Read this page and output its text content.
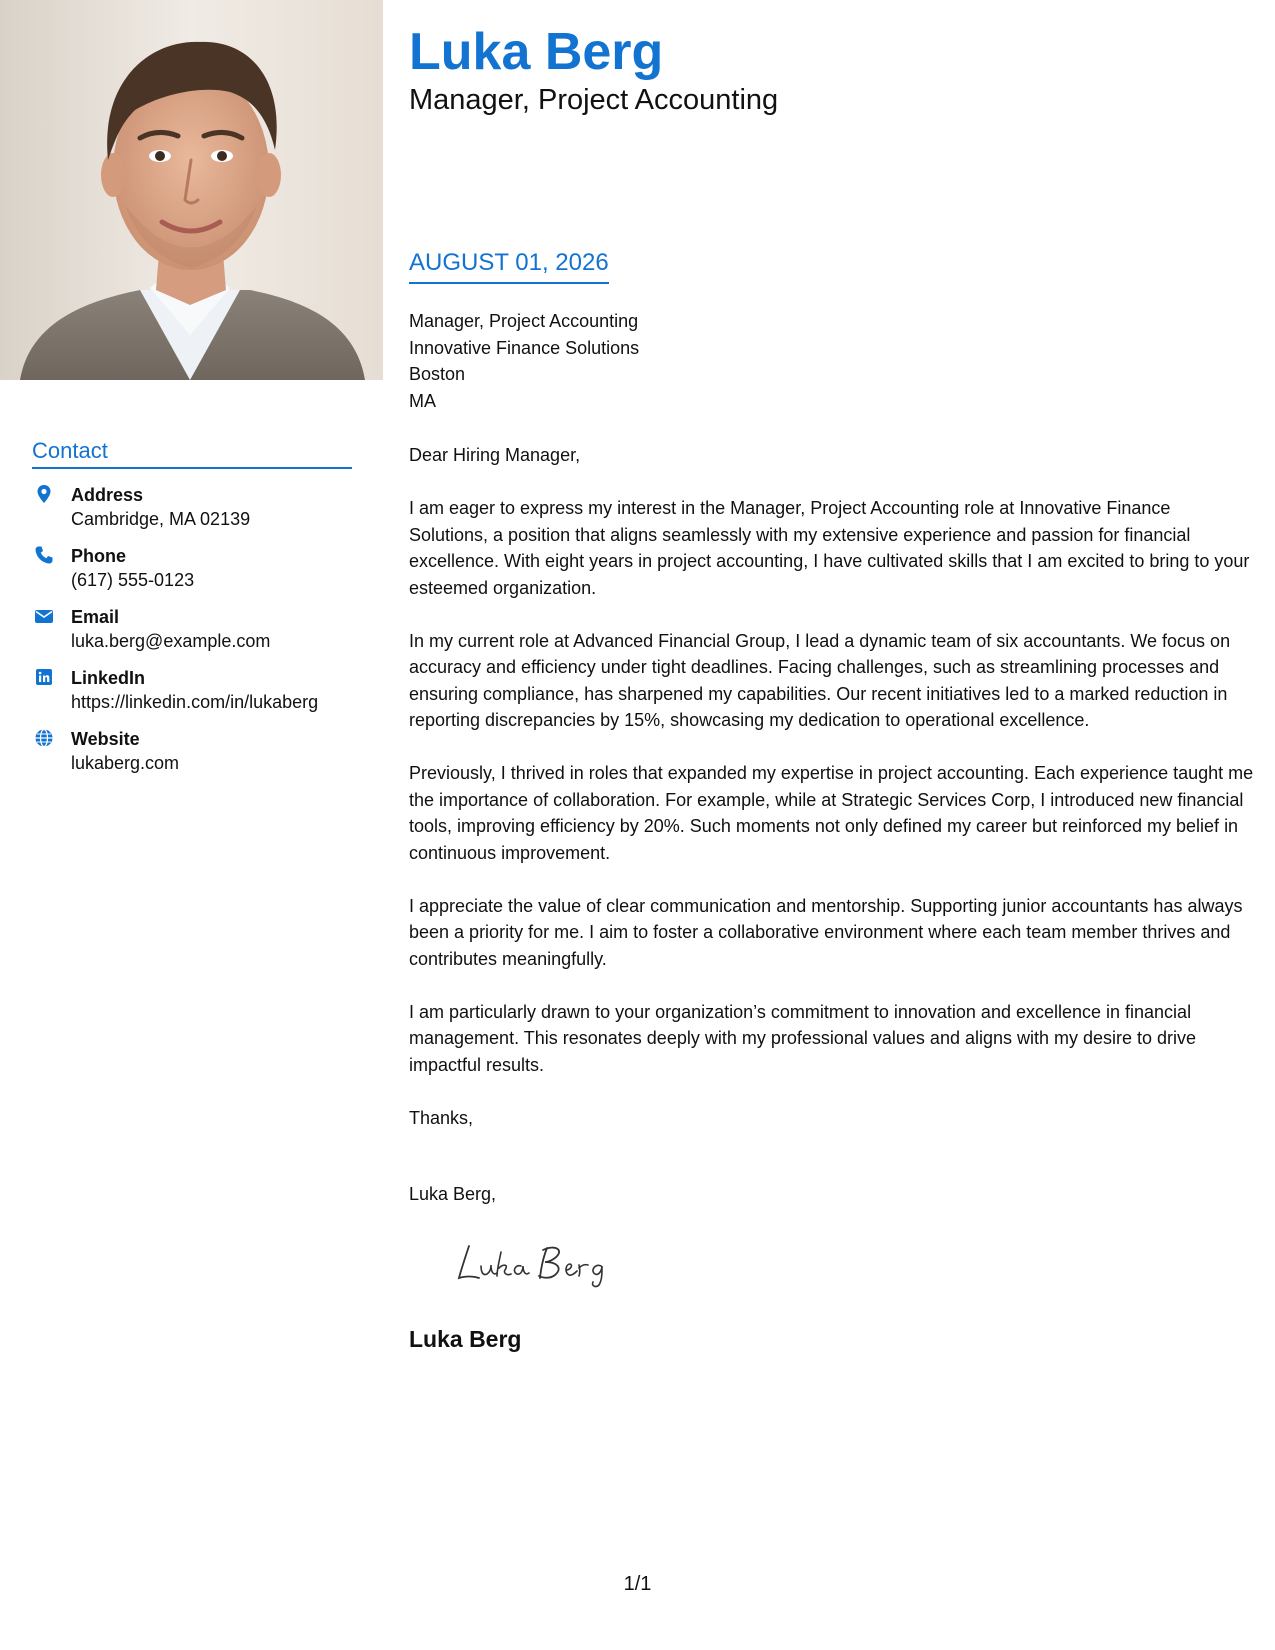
Contact
Address
Cambridge, MA 02139
Phone
(617) 555-0123
Email
luka.berg@example.com
LinkedIn
https://linkedin.com/in/lukaberg
Website
lukaberg.com
Luka Berg
Manager, Project Accounting
AUGUST 01, 2026
Manager, Project Accounting
Innovative Finance Solutions
Boston
MA

Dear Hiring Manager,

I am eager to express my interest in the Manager, Project Accounting role at Innovative Finance Solutions, a position that aligns seamlessly with my extensive experience and passion for financial excellence. With eight years in project accounting, I have cultivated skills that I am excited to bring to your esteemed organization.

In my current role at Advanced Financial Group, I lead a dynamic team of six accountants. We focus on accuracy and efficiency under tight deadlines. Facing challenges, such as streamlining processes and ensuring compliance, has sharpened my capabilities. Our recent initiatives led to a marked reduction in reporting discrepancies by 15%, showcasing my dedication to operational excellence.

Previously, I thrived in roles that expanded my expertise in project accounting. Each experience taught me the importance of collaboration. For example, while at Strategic Services Corp, I introduced new financial tools, improving efficiency by 20%. Such moments not only defined my career but reinforced my belief in continuous improvement.

I appreciate the value of clear communication and mentorship. Supporting junior accountants has always been a priority for me. I aim to foster a collaborative environment where each team member thrives and contributes meaningfully.

I am particularly drawn to your organization’s commitment to innovation and excellence in financial management. This resonates deeply with my professional values and aligns with my desire to drive impactful results.

Thanks,

Luka Berg,
Luka Berg
1/1
